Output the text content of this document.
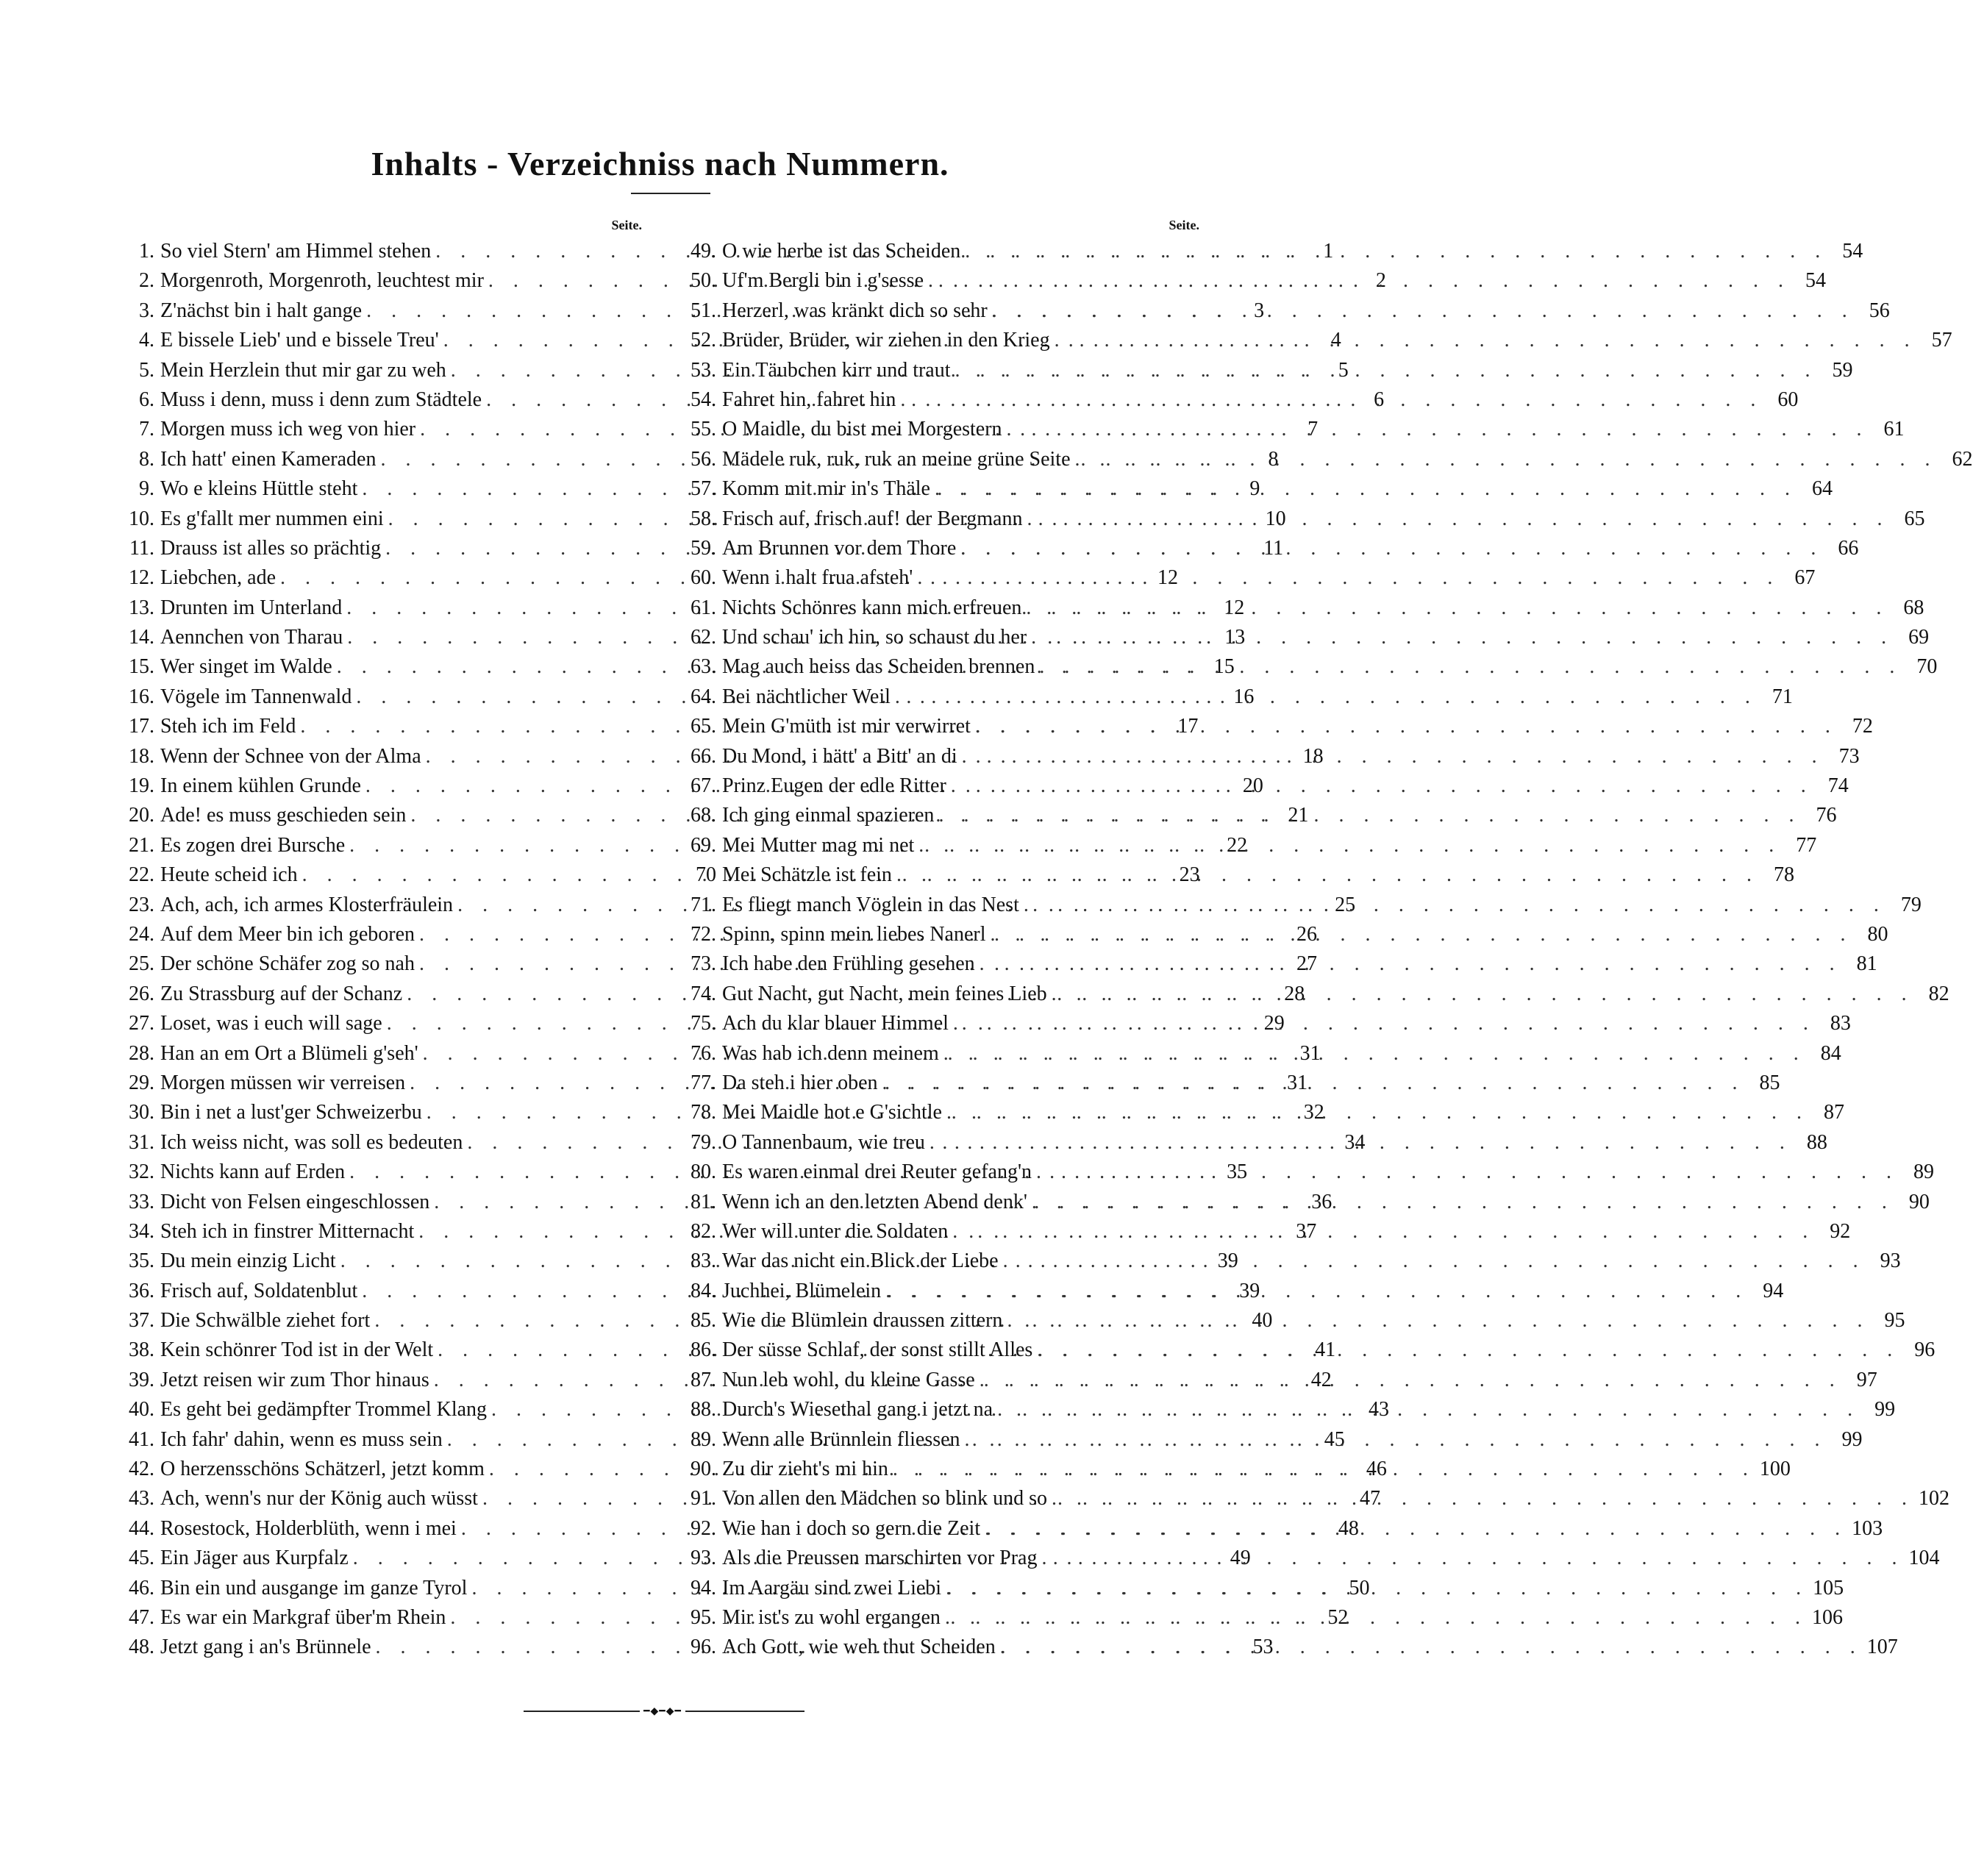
Inhalts - Verzeichniss nach Nummern.
Seite.
1. So viel Stern' am Himmel stehen . . .	1
2. Morgenroth, Morgenroth, leuchtest mir . . .	2
3. Z'nächst bin i halt gange . . .	3
4. E bissele Lieb' und e bissele Treu' . . .	4
5. Mein Herzlein thut mir gar zu weh . . .	5
6. Muss i denn, muss i denn zum Städtele . . .	6
7. Morgen muss ich weg von hier . . .	7
8. Ich hatt' einen Kameraden . . .	8
9. Wo e kleins Hüttle steht . . .	9
10. Es g'fallt mer nummen eini . . .	10
11. Drauss ist alles so prächtig . . .	11
12. Liebchen, ade . . .	12
13. Drunten im Unterland . . .	12
14. Aennchen von Tharau . . .	13
15. Wer singet im Walde . . .	15
16. Vögele im Tannenwald . . .	16
17. Steh ich im Feld . . .	17
18. Wenn der Schnee von der Alma . . .	18
19. In einem kühlen Grunde . . .	20
20. Ade! es muss geschieden sein . . .	21
21. Es zogen drei Bursche . . .	22
22. Heute scheid ich . . .	23
23. Ach, ach, ich armes Klosterfräulein . . .	25
24. Auf dem Meer bin ich geboren . . .	26
25. Der schöne Schäfer zog so nah . . .	27
26. Zu Strassburg auf der Schanz . . .	28
27. Loset, was i euch will sage . . .	29
28. Han an em Ort a Blümeli g'seh' . . .	31
29. Morgen müssen wir verreisen . . .	31
30. Bin i net a lust'ger Schweizerbu . . .	32
31. Ich weiss nicht, was soll es bedeuten . . .	34
32. Nichts kann auf Erden . . .	35
33. Dicht von Felsen eingeschlossen . . .	36
34. Steh ich in finstrer Mitternacht . . .	37
35. Du mein einzig Licht . . .	39
36. Frisch auf, Soldatenblut . . .	39
37. Die Schwälble ziehet fort . . .	40
38. Kein schönrer Tod ist in der Welt . . .	41
39. Jetzt reisen wir zum Thor hinaus . . .	42
40. Es geht bei gedämpfter Trommel Klang . . .	43
41. Ich fahr' dahin, wenn es muss sein . . .	45
42. O herzensschöns Schätzerl, jetzt komm . . .	46
43. Ach, wenn's nur der König auch wüsst . . .	47
44. Rosestock, Holderblüth, wenn i mei . . .	48
45. Ein Jäger aus Kurpfalz . . .	49
46. Bin ein und ausgange im ganze Tyrol . . .	50
47. Es war ein Markgraf über'm Rhein . . .	52
48. Jetzt gang i an's Brünnele . . .	53
Seite.
49. O wie herbe ist das Scheiden . . .	54
50. Uf'm Bergli bin i g'sesse . . .	54
51. Herzerl, was kränkt dich so sehr . . .	56
52. Brüder, Brüder, wir ziehen in den Krieg . . .	57
53. Ein Täubchen kirr und traut . . .	59
54. Fahret hin, fahret hin . . .	60
55. O Maidle, du bist mei Morgestern . . .	61
56. Mädele ruk, ruk, ruk an meine grüne Seite . . .	62
57. Komm mit mir in's Thäle . . .	64
58. Frisch auf, frisch auf! der Bergmann . . .	65
59. Am Brunnen vor dem Thore . . .	66
60. Wenn i halt frua afsteh' . . .	67
61. Nichts Schönres kann mich erfreuen . . .	68
62. Und schau' ich hin, so schaust du her . . .	69
63. Mag auch heiss das Scheiden brennen . . .	70
64. Bei nächtlicher Weil . . .	71
65. Mein G'müth ist mir verwirret . . .	72
66. Du Mond, i hätt' a Bitt' an di . . .	73
67. Prinz Eugen der edle Ritter . . .	74
68. Ich ging einmal spazieren . . .	76
69. Mei Mutter mag mi net . . .	77
70 Mei Schätzle ist fein . . .	78
71. Es fliegt manch Vöglein in das Nest . . .	79
72. Spinn, spinn mein liebes Nanerl . . .	80
73. Ich habe den Frühling gesehen . . .	81
74. Gut Nacht, gut Nacht, mein feines Lieb . . .	82
75. Ach du klar blauer Himmel . . .	83
76. Was hab ich denn meinem . . .	84
77. Da steh i hier oben . . .	85
78. Mei Maidle hot e G'sichtle . . .	87
79. O Tannenbaum, wie treu . . .	88
80. Es waren einmal drei Reuter gefang'n . . .	89
81. Wenn ich an den letzten Abend denk' . . .	90
82. Wer will unter die Soldaten . . .	92
83. War das nicht ein Blick der Liebe . . .	93
84. Juchhei, Blümelein . . .	94
85. Wie die Blümlein draussen zittern . . .	95
86. Der süsse Schlaf, der sonst stillt Alles . . .	96
87. Nun leb wohl, du kleine Gasse . . .	97
88. Durch's Wiesethal gang i jetzt na . . .	99
89. Wenn alle Brünnlein fliessen . . .	99
90. Zu dir zieht's mi hin . . .	100
91. Von allen den Mädchen so blink und so . . .	102
92. Wie han i doch so gern die Zeit . . .	103
93. Als die Preussen marschirten vor Prag . . .	104
94. Im Aargäu sind zwei Liebi . . .	105
95. Mir ist's zu wohl ergangen . . .	106
96. Ach Gott, wie weh thut Scheiden . . .	107
━◆━◆━
